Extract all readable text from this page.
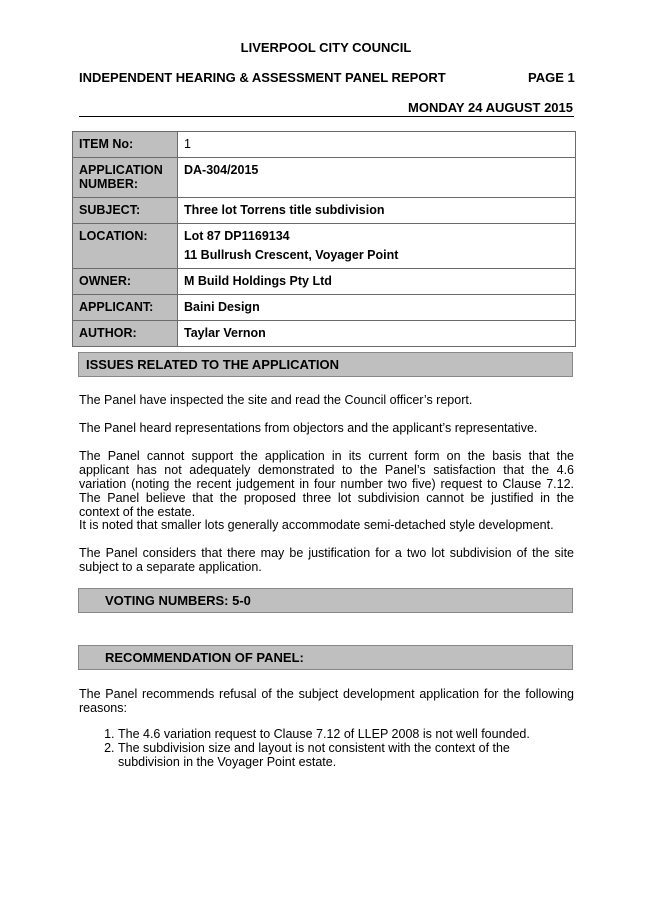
LIVERPOOL CITY COUNCIL
INDEPENDENT HEARING & ASSESSMENT PANEL REPORT	PAGE 1
MONDAY 24 AUGUST 2015
ITEM No:	1
APPLICATION NUMBER:	DA-304/2015
SUBJECT:	Three lot Torrens title subdivision
LOCATION:	Lot 87 DP1169134
11 Bullrush Crescent, Voyager Point

OWNER:	M Build Holdings Pty Ltd
APPLICANT:	Baini Design
AUTHOR:	Taylar Vernon
ISSUES RELATED TO THE APPLICATION
The Panel have inspected the site and read the Council officer’s report.
The Panel heard representations from objectors and the applicant’s representative.
The Panel cannot support the application in its current form on the basis that the applicant has not adequately demonstrated to the Panel’s satisfaction that the 4.6 variation (noting the recent judgement in four number two five) request to Clause 7.12. The Panel believe that the proposed three lot subdivision cannot be justified in the context of the estate.
It is noted that smaller lots generally accommodate semi-detached style development.
The Panel considers that there may be justification for a two lot subdivision of the site subject to a separate application.
VOTING NUMBERS: 5-0
RECOMMENDATION OF PANEL:
The Panel recommends refusal of the subject development application for the following reasons:
1. The 4.6 variation request to Clause 7.12 of LLEP 2008 is not well founded.
2. The subdivision size and layout is not consistent with the context of the subdivision in the Voyager Point estate.
